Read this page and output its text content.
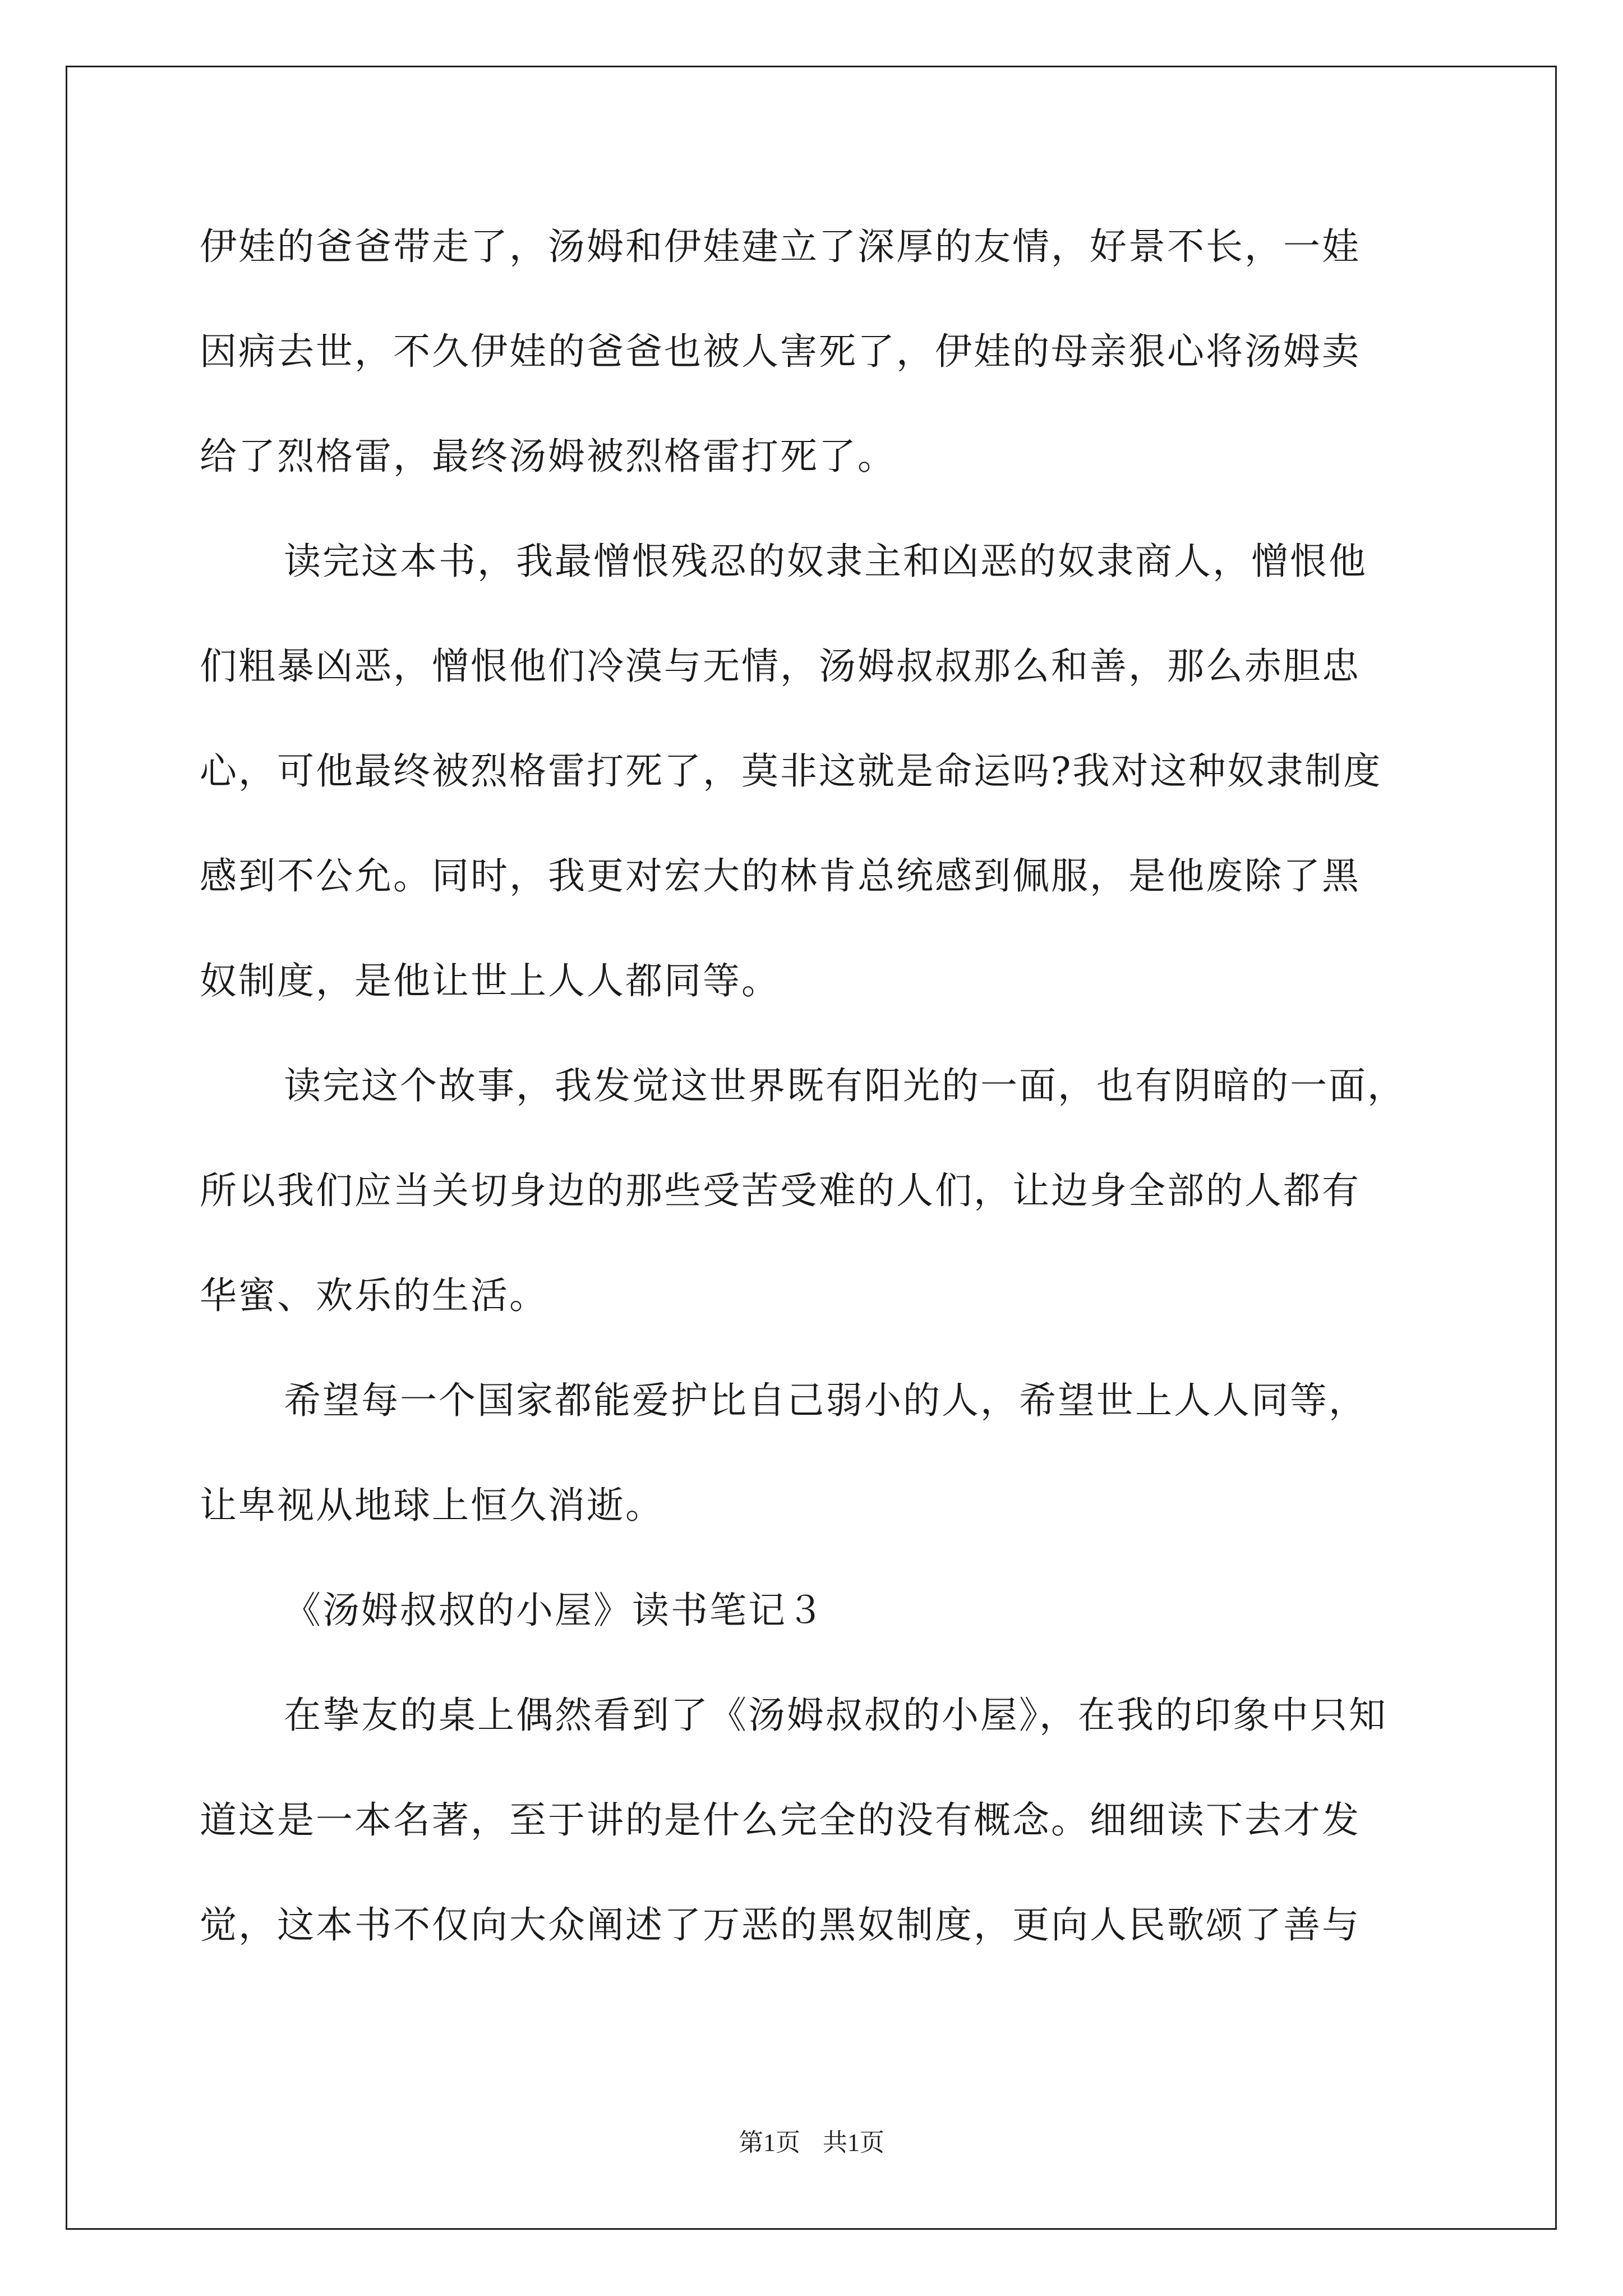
伊娃的爸爸带走了，汤姆和伊娃建立了深厚的友情，好景不长，一娃
因病去世，不久伊娃的爸爸也被人害死了，伊娃的母亲狠心将汤姆卖
给了烈格雷，最终汤姆被烈格雷打死了。
读完这本书，我最憎恨残忍的奴隶主和凶恶的奴隶商人，憎恨他
们粗暴凶恶，憎恨他们冷漠与无情，汤姆叔叔那么和善，那么赤胆忠
心，可他最终被烈格雷打死了，莫非这就是命运吗?我对这种奴隶制度
感到不公允。同时，我更对宏大的林肯总统感到佩服，是他废除了黑
奴制度，是他让世上人人都同等。
读完这个故事，我发觉这世界既有阳光的一面，也有阴暗的一面，
所以我们应当关切身边的那些受苦受难的人们，让边身全部的人都有
华蜜、欢乐的生活。
希望每一个国家都能爱护比自己弱小的人，希望世上人人同等，
让卑视从地球上恒久消逝。
《汤姆叔叔的小屋》读书笔记３
在挚友的桌上偶然看到了《汤姆叔叔的小屋》，在我的印象中只知
道这是一本名著，至于讲的是什么完全的没有概念。细细读下去才发
觉，这本书不仅向大众阐述了万恶的黑奴制度，更向人民歌颂了善与
第1页 共1页
